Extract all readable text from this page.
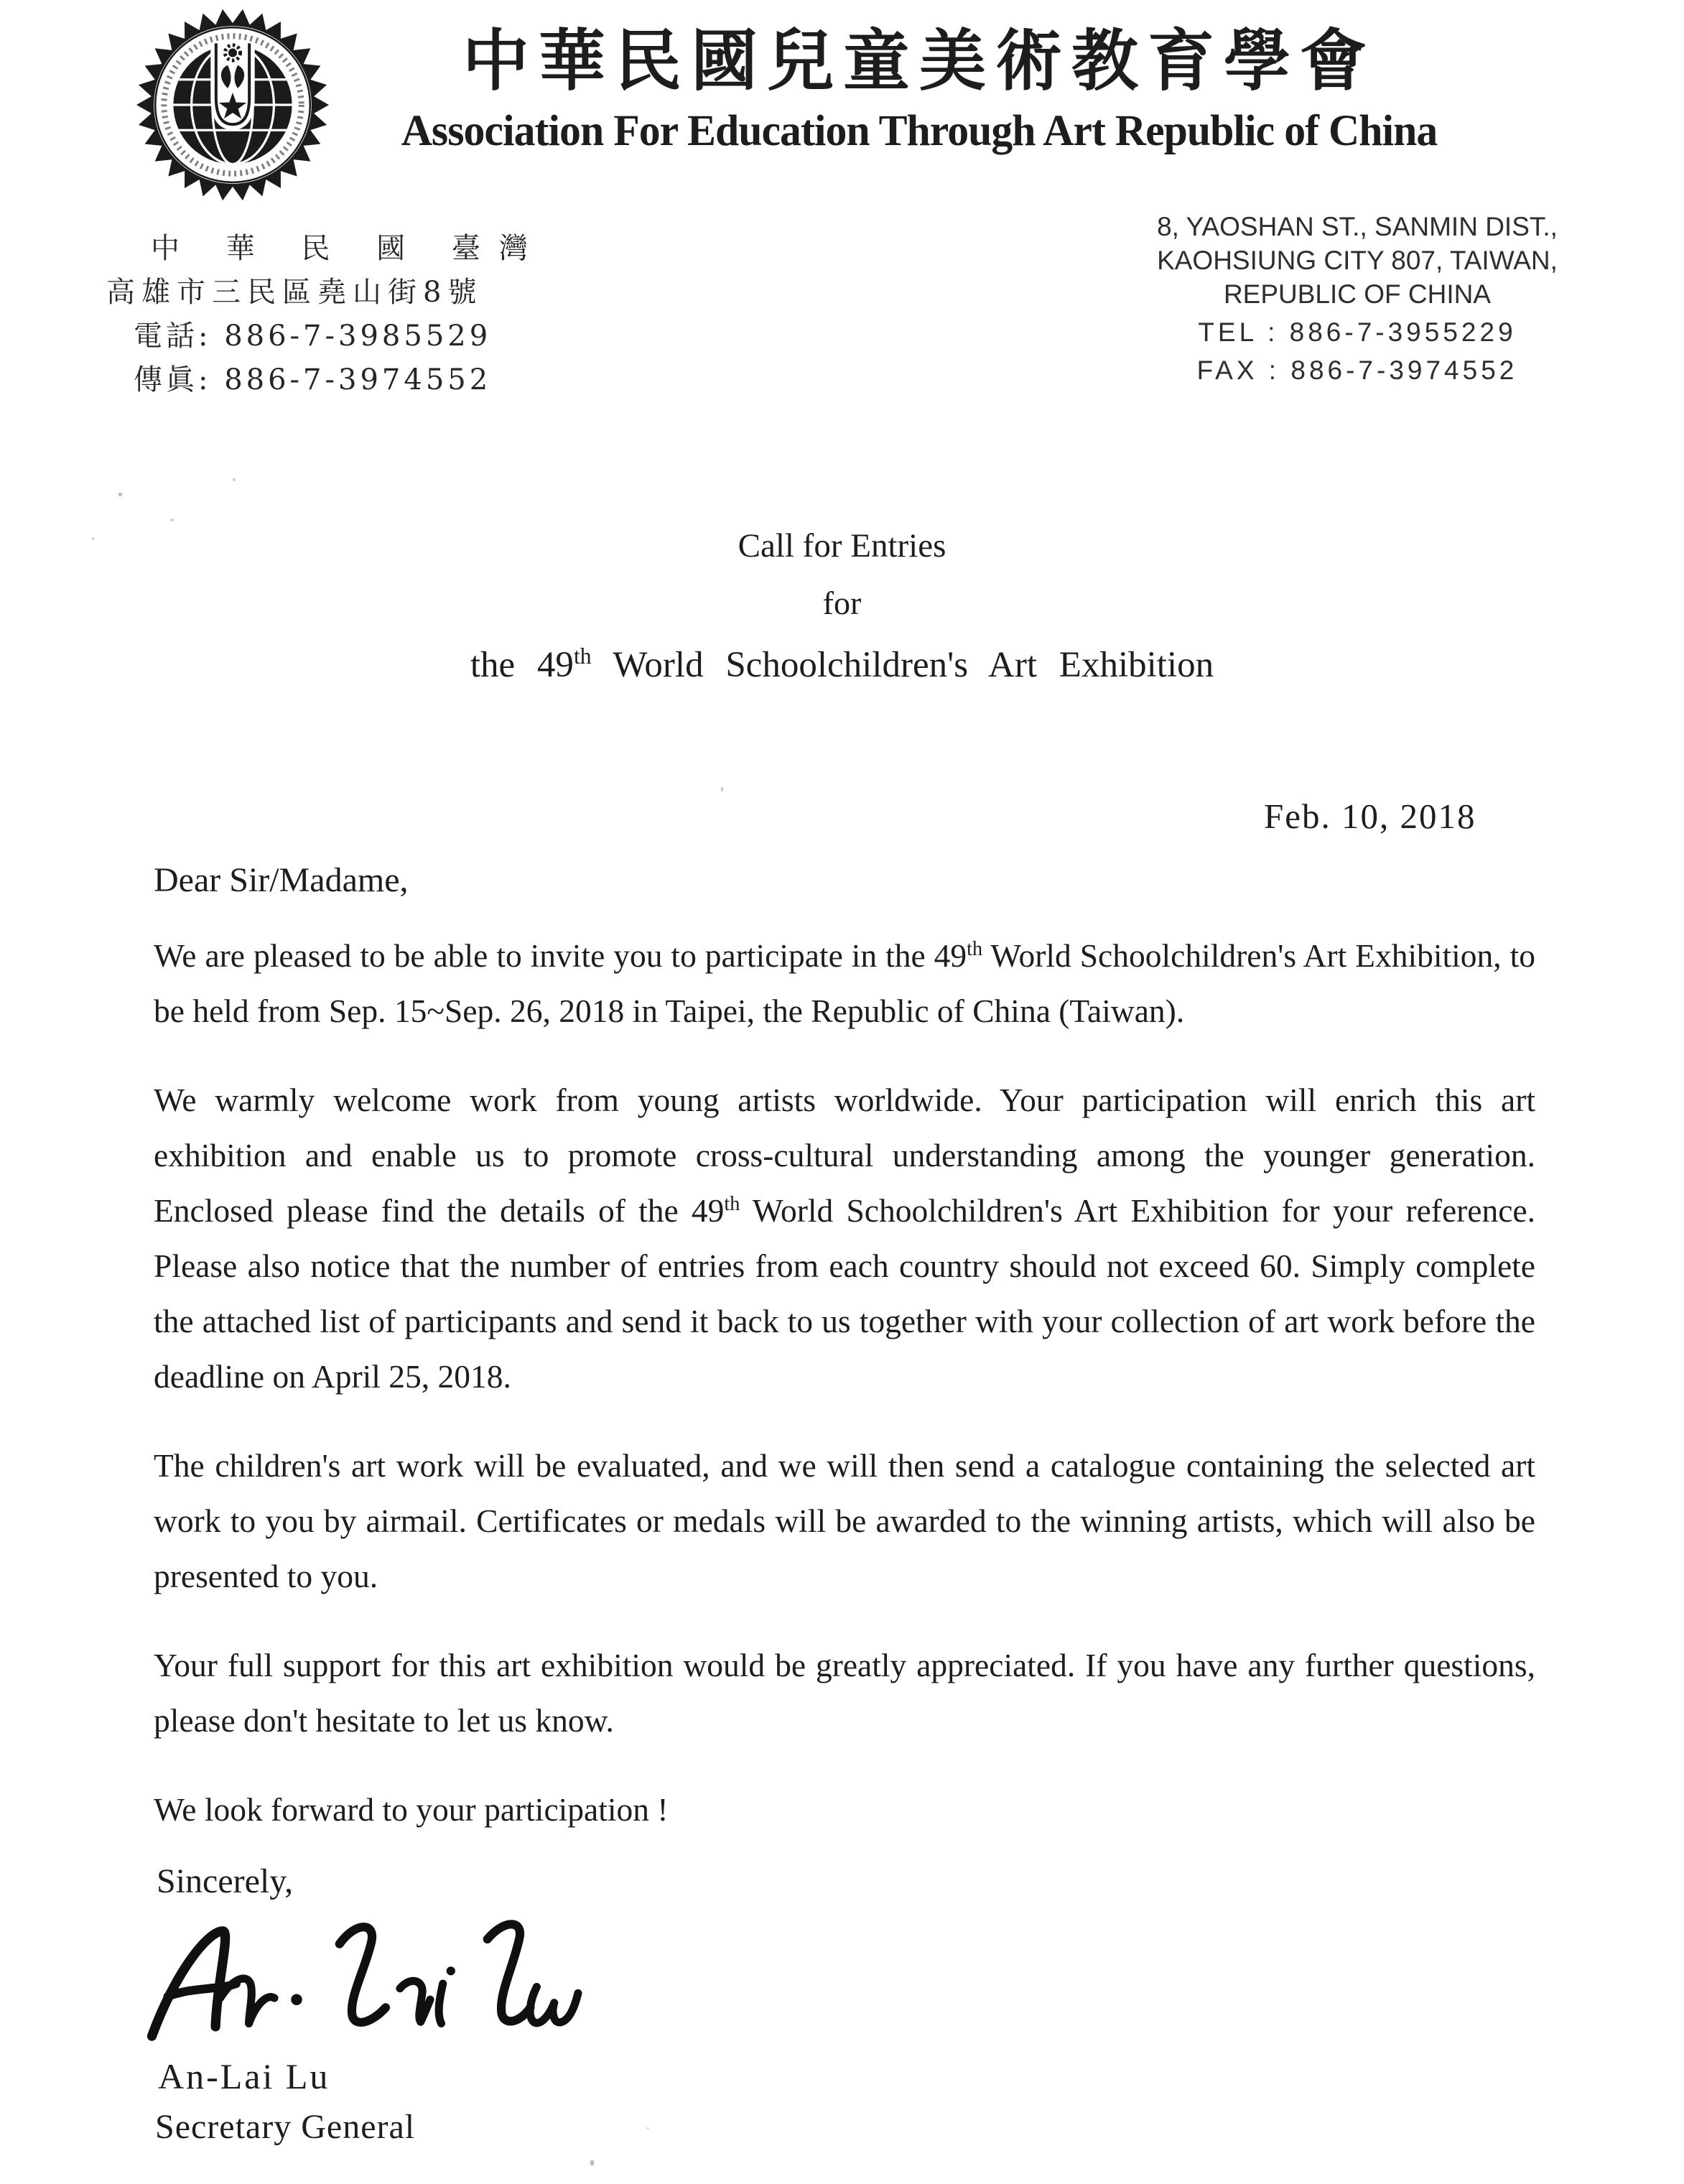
中華民國兒童美術教育學會
Association For Education Through Art Republic of China
中 華 民 國 臺灣
高雄市三民區堯山街8號
電話: 886-7-3985529
傳眞: 886-7-3974552
8, YAOSHAN ST., SANMIN DIST.,
KAOHSIUNG CITY 807, TAIWAN,
REPUBLIC OF CHINA
TEL : 886-7-3955229
FAX : 886-7-3974552
Call for Entries
for
the 49th World Schoolchildren's Art Exhibition
Feb. 10, 2018
Dear Sir/Madame,

We are pleased to be able to invite you to participate in the 49th World Schoolchildren's Art Exhibition, to be held from Sep. 15~Sep. 26, 2018 in Taipei, the Republic of China (Taiwan).

We warmly welcome work from young artists worldwide. Your participation will enrich this art exhibition and enable us to promote cross-cultural understanding among the younger generation. Enclosed please find the details of the 49th World Schoolchildren's Art Exhibition for your reference. Please also notice that the number of entries from each country should not exceed 60. Simply complete the attached list of participants and send it back to us together with your collection of art work before the deadline on April 25, 2018.

The children's art work will be evaluated, and we will then send a catalogue containing the selected art work to you by airmail. Certificates or medals will be awarded to the winning artists, which will also be presented to you.

Your full support for this art exhibition would be greatly appreciated. If you have any further questions, please don't hesitate to let us know.

We look forward to your participation !

Sincerely,
An-Lai Lu
Secretary General
